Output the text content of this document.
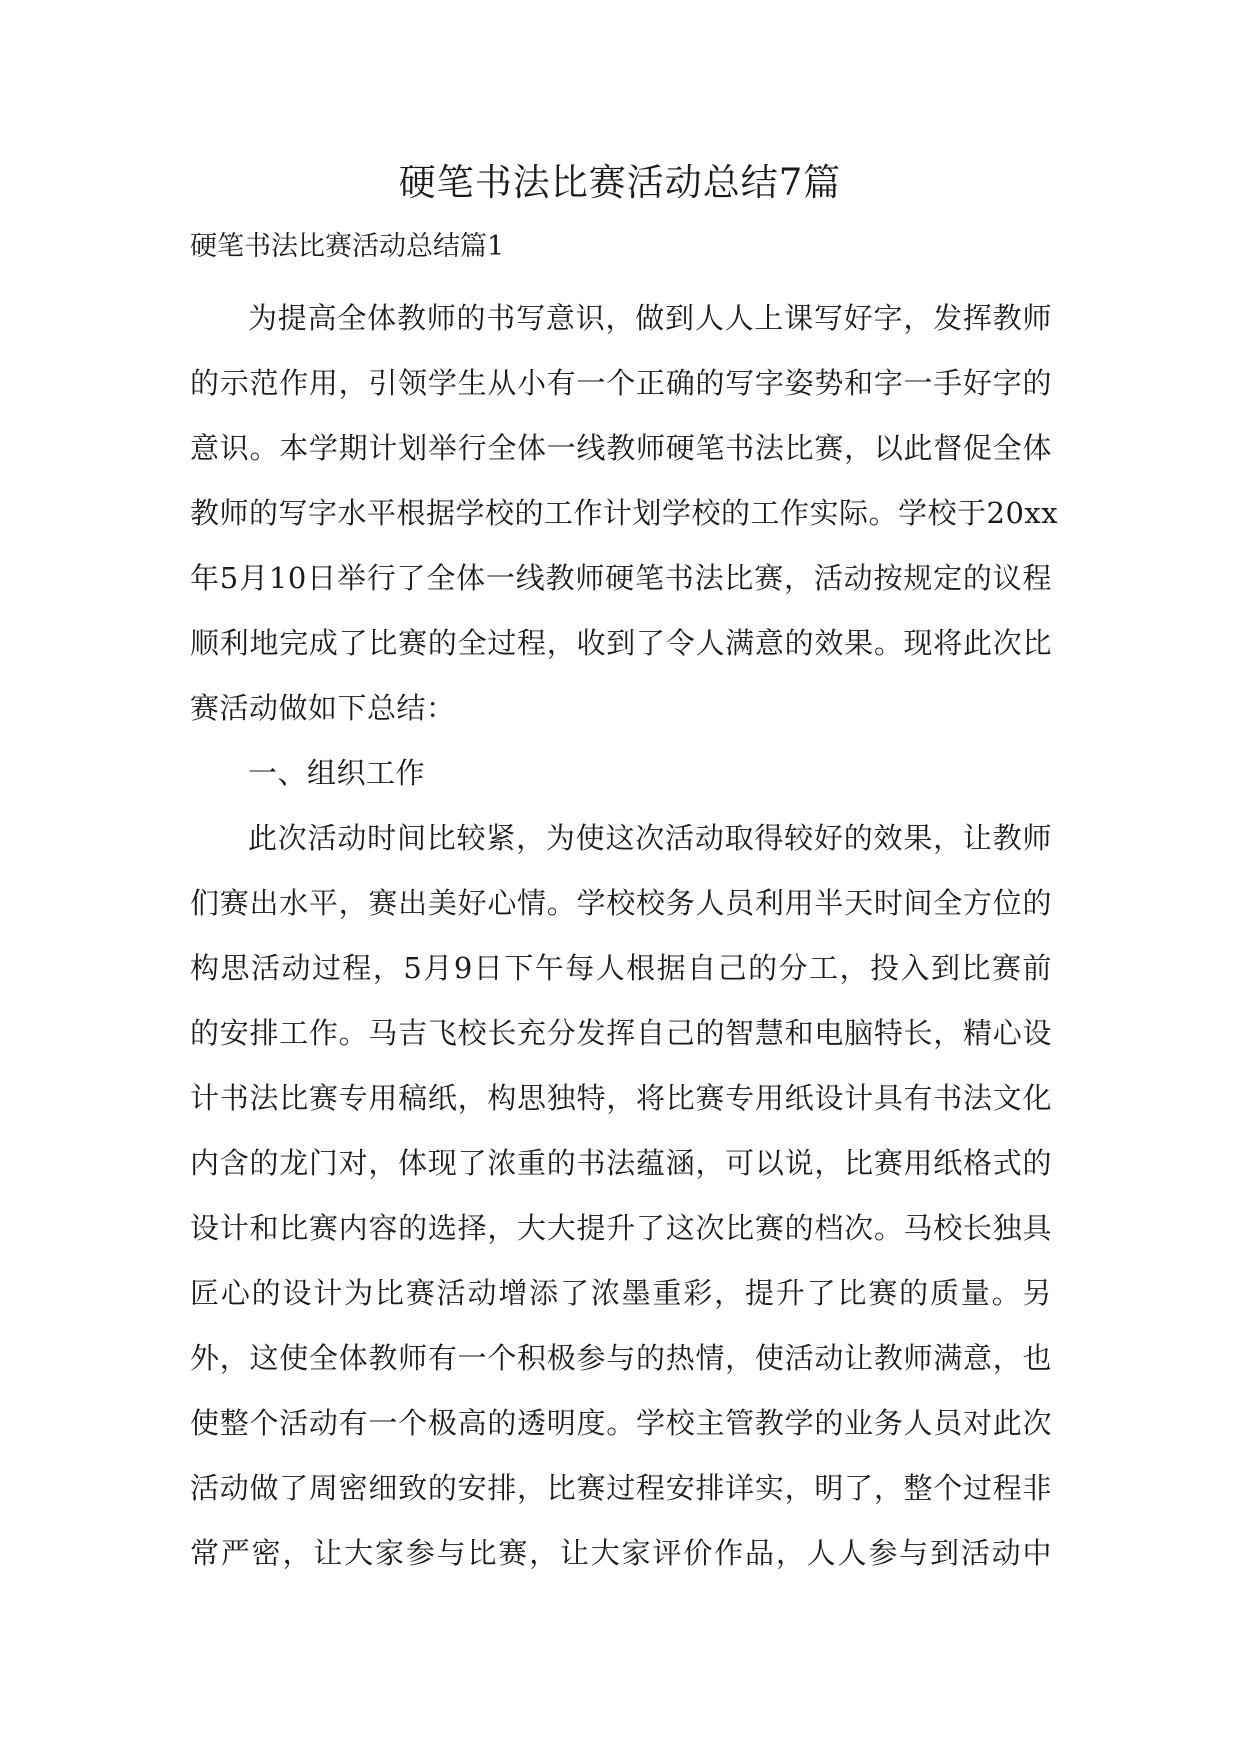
硬笔书法比赛活动总结7篇
硬笔书法比赛活动总结篇1

为提高全体教师的书写意识，做到人人上课写好字，发挥教师
的示范作用，引领学生从小有一个正确的写字姿势和字一手好字的
意识。本学期计划举行全体一线教师硬笔书法比赛，以此督促全体
教师的写字水平根据学校的工作计划学校的工作实际。学校于20xx
年5月10日举行了全体一线教师硬笔书法比赛，活动按规定的议程
顺利地完成了比赛的全过程，收到了令人满意的效果。现将此次比
赛活动做如下总结：

一、组织工作

此次活动时间比较紧，为使这次活动取得较好的效果，让教师
们赛出水平，赛出美好心情。学校校务人员利用半天时间全方位的
构思活动过程，5月9日下午每人根据自己的分工，投入到比赛前
的安排工作。马吉飞校长充分发挥自己的智慧和电脑特长，精心设
计书法比赛专用稿纸，构思独特，将比赛专用纸设计具有书法文化
内含的龙门对，体现了浓重的书法蕴涵，可以说，比赛用纸格式的
设计和比赛内容的选择，大大提升了这次比赛的档次。马校长独具
匠心的设计为比赛活动增添了浓墨重彩，提升了比赛的质量。另
外，这使全体教师有一个积极参与的热情，使活动让教师满意，也
使整个活动有一个极高的透明度。学校主管教学的业务人员对此次
活动做了周密细致的安排，比赛过程安排详实，明了，整个过程非
常严密，让大家参与比赛，让大家评价作品，人人参与到活动中
